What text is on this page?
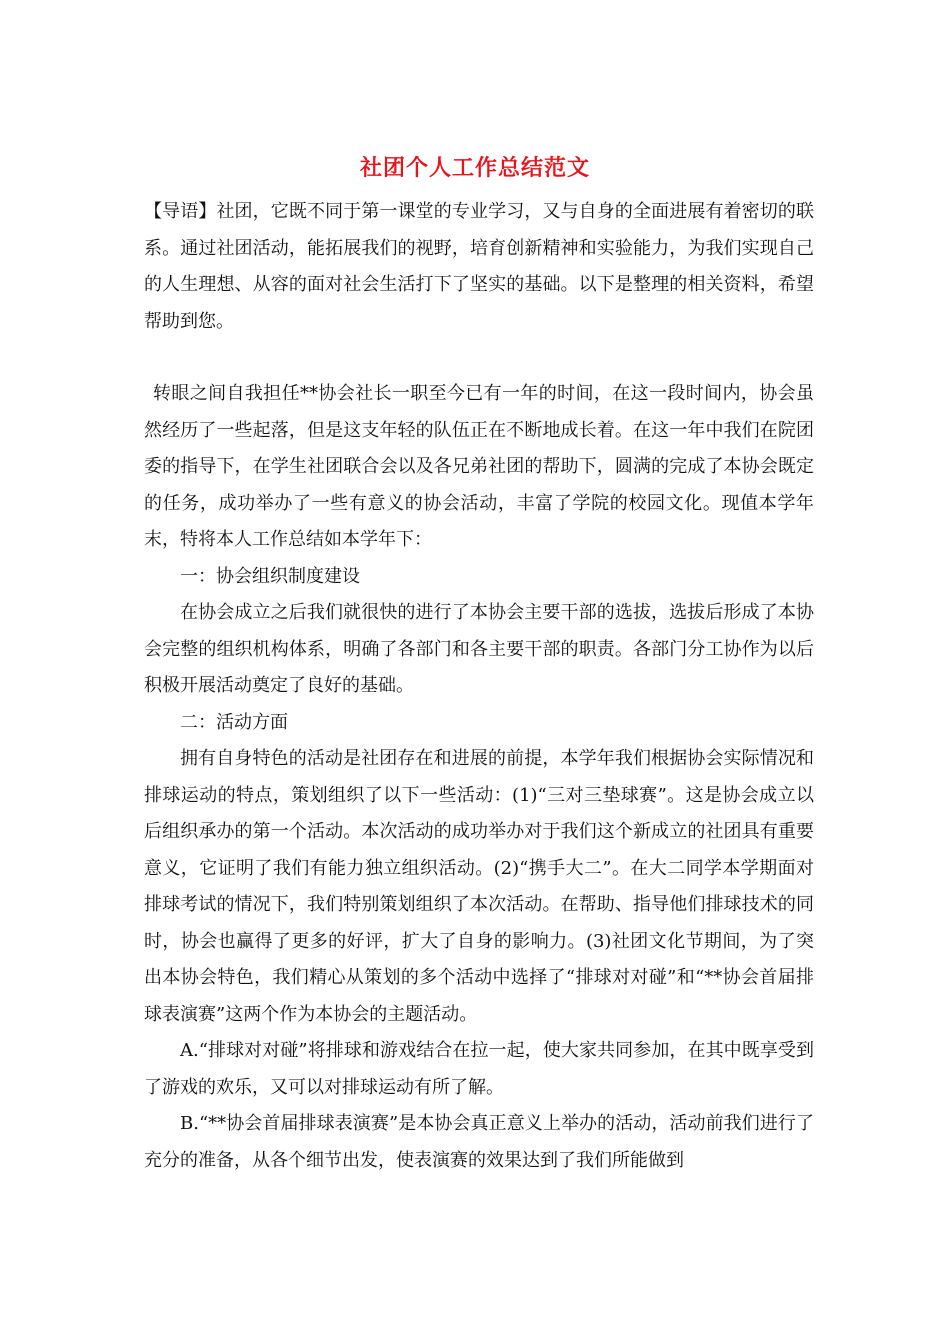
社团个人工作总结范文

【导语】社团，它既不同于第一课堂的专业学习，又与自身的全面进展有着密切的联系。通过社团活动，能拓展我们的视野，培育创新精神和实验能力，为我们实现自己的人生理想、从容的面对社会生活打下了坚实的基础。以下是整理的相关资料，希望帮助到您。

转眼之间自我担任**协会社长一职至今已有一年的时间，在这一段时间内，协会虽然经历了一些起落，但是这支年轻的队伍正在不断地成长着。在这一年中我们在院团委的指导下，在学生社团联合会以及各兄弟社团的帮助下，圆满的完成了本协会既定的任务，成功举办了一些有意义的协会活动，丰富了学院的校园文化。现值本学年末，特将本人工作总结如本学年下：

一：协会组织制度建设

在协会成立之后我们就很快的进行了本协会主要干部的选拔，选拔后形成了本协会完整的组织机构体系，明确了各部门和各主要干部的职责。各部门分工协作为以后积极开展活动奠定了良好的基础。

二：活动方面

拥有自身特色的活动是社团存在和进展的前提，本学年我们根据协会实际情况和排球运动的特点，策划组织了以下一些活动：(1)“三对三垫球赛”。这是协会成立以后组织承办的第一个活动。本次活动的成功举办对于我们这个新成立的社团具有重要意义，它证明了我们有能力独立组织活动。(2)“携手大二”。在大二同学本学期面对排球考试的情况下，我们特别策划组织了本次活动。在帮助、指导他们排球技术的同时，协会也赢得了更多的好评，扩大了自身的影响力。(3)社团文化节期间，为了突出本协会特色，我们精心从策划的多个活动中选择了“排球对对碰”和“**协会首届排球表演赛”这两个作为本协会的主题活动。

A.“排球对对碰”将排球和游戏结合在拉一起，使大家共同参加，在其中既享受到了游戏的欢乐，又可以对排球运动有所了解。

B.“**协会首届排球表演赛”是本协会真正意义上举办的活动，活动前我们进行了充分的准备，从各个细节出发，使表演赛的效果达到了我们所能做到
